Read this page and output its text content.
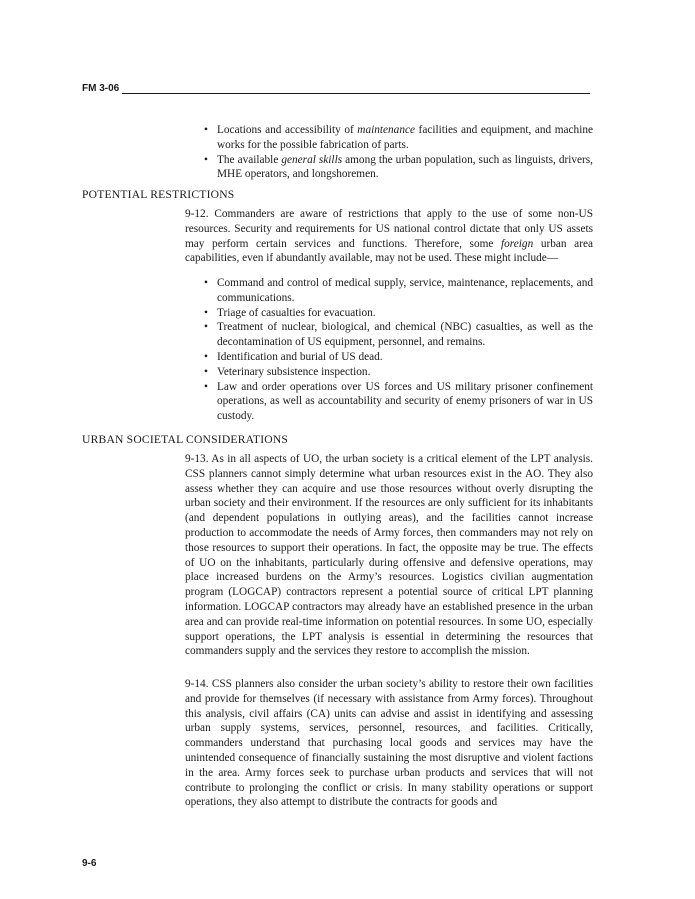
FM 3-06
• Locations and accessibility of maintenance facilities and equipment, and machine works for the possible fabrication of parts.
• The available general skills among the urban population, such as linguists, drivers, MHE operators, and longshoremen.
POTENTIAL RESTRICTIONS

9-12. Commanders are aware of restrictions that apply to the use of some non-US resources. Security and requirements for US national control dictate that only US assets may perform certain services and functions. Therefore, some foreign urban area capabilities, even if abundantly available, may not be used. These might include—

• Command and control of medical supply, service, maintenance, replacements, and communications.
• Triage of casualties for evacuation.
• Treatment of nuclear, biological, and chemical (NBC) casualties, as well as the decontamination of US equipment, personnel, and remains.
• Identification and burial of US dead.
• Veterinary subsistence inspection.
• Law and order operations over US forces and US military prisoner confinement operations, as well as accountability and security of enemy prisoners of war in US custody.
URBAN SOCIETAL CONSIDERATIONS

9-13. As in all aspects of UO, the urban society is a critical element of the LPT analysis. CSS planners cannot simply determine what urban resources exist in the AO. They also assess whether they can acquire and use those resources without overly disrupting the urban society and their environment. If the resources are only sufficient for its inhabitants (and dependent populations in outlying areas), and the facilities cannot increase production to accommodate the needs of Army forces, then commanders may not rely on those resources to support their operations. In fact, the opposite may be true. The effects of UO on the inhabitants, particularly during offensive and defensive operations, may place increased burdens on the Army’s resources. Logistics civilian augmentation program (LOGCAP) contractors represent a potential source of critical LPT planning information. LOGCAP contractors may already have an established presence in the urban area and can provide real-time information on potential resources. In some UO, especially support operations, the LPT analysis is essential in determining the resources that commanders supply and the services they restore to accomplish the mission.

9-14. CSS planners also consider the urban society’s ability to restore their own facilities and provide for themselves (if necessary with assistance from Army forces). Throughout this analysis, civil affairs (CA) units can advise and assist in identifying and assessing urban supply systems, services, personnel, resources, and facilities. Critically, commanders understand that purchasing local goods and services may have the unintended consequence of financially sustaining the most disruptive and violent factions in the area. Army forces seek to purchase urban products and services that will not contribute to prolonging the conflict or crisis. In many stability operations or support operations, they also attempt to distribute the contracts for goods and

9-6
